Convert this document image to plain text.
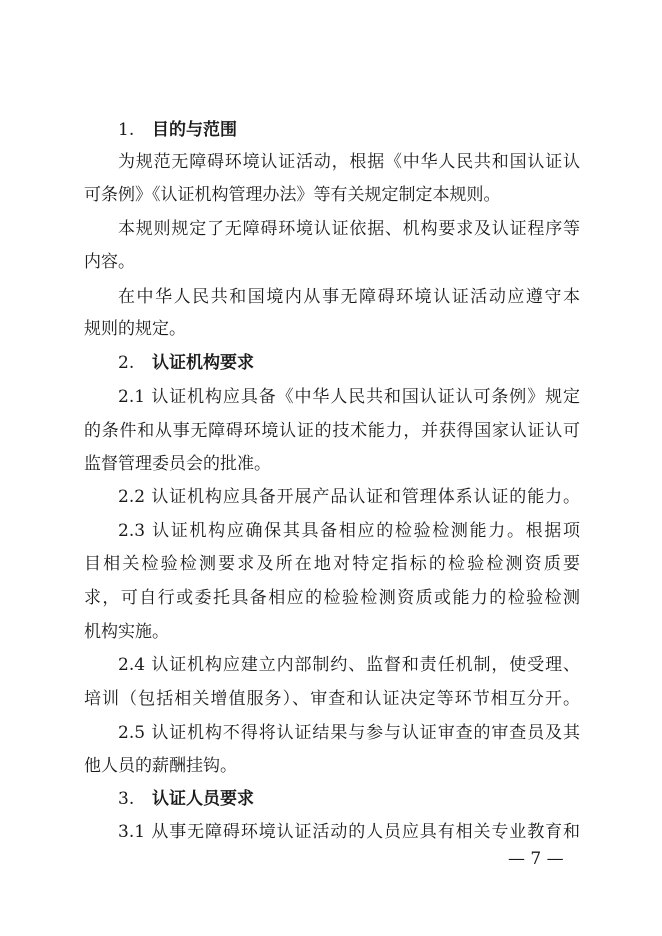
1. 目的与范围
为规范无障碍环境认证活动，根据《中华人民共和国认证认
可条例》《认证机构管理办法》等有关规定制定本规则。
本规则规定了无障碍环境认证依据、机构要求及认证程序等
内容。
在中华人民共和国境内从事无障碍环境认证活动应遵守本
规则的规定。
2. 认证机构要求
2.1 认证机构应具备《中华人民共和国认证认可条例》规定
的条件和从事无障碍环境认证的技术能力，并获得国家认证认可
监督管理委员会的批准。
2.2 认证机构应具备开展产品认证和管理体系认证的能力。
2.3 认证机构应确保其具备相应的检验检测能力。根据项
目相关检验检测要求及所在地对特定指标的检验检测资质要
求，可自行或委托具备相应的检验检测资质或能力的检验检测
机构实施。
2.4 认证机构应建立内部制约、监督和责任机制，使受理、
培训（包括相关增值服务）、审查和认证决定等环节相互分开。
2.5 认证机构不得将认证结果与参与认证审查的审查员及其
他人员的薪酬挂钩。
3. 认证人员要求
3.1 从事无障碍环境认证活动的人员应具有相关专业教育和
— 7 —
